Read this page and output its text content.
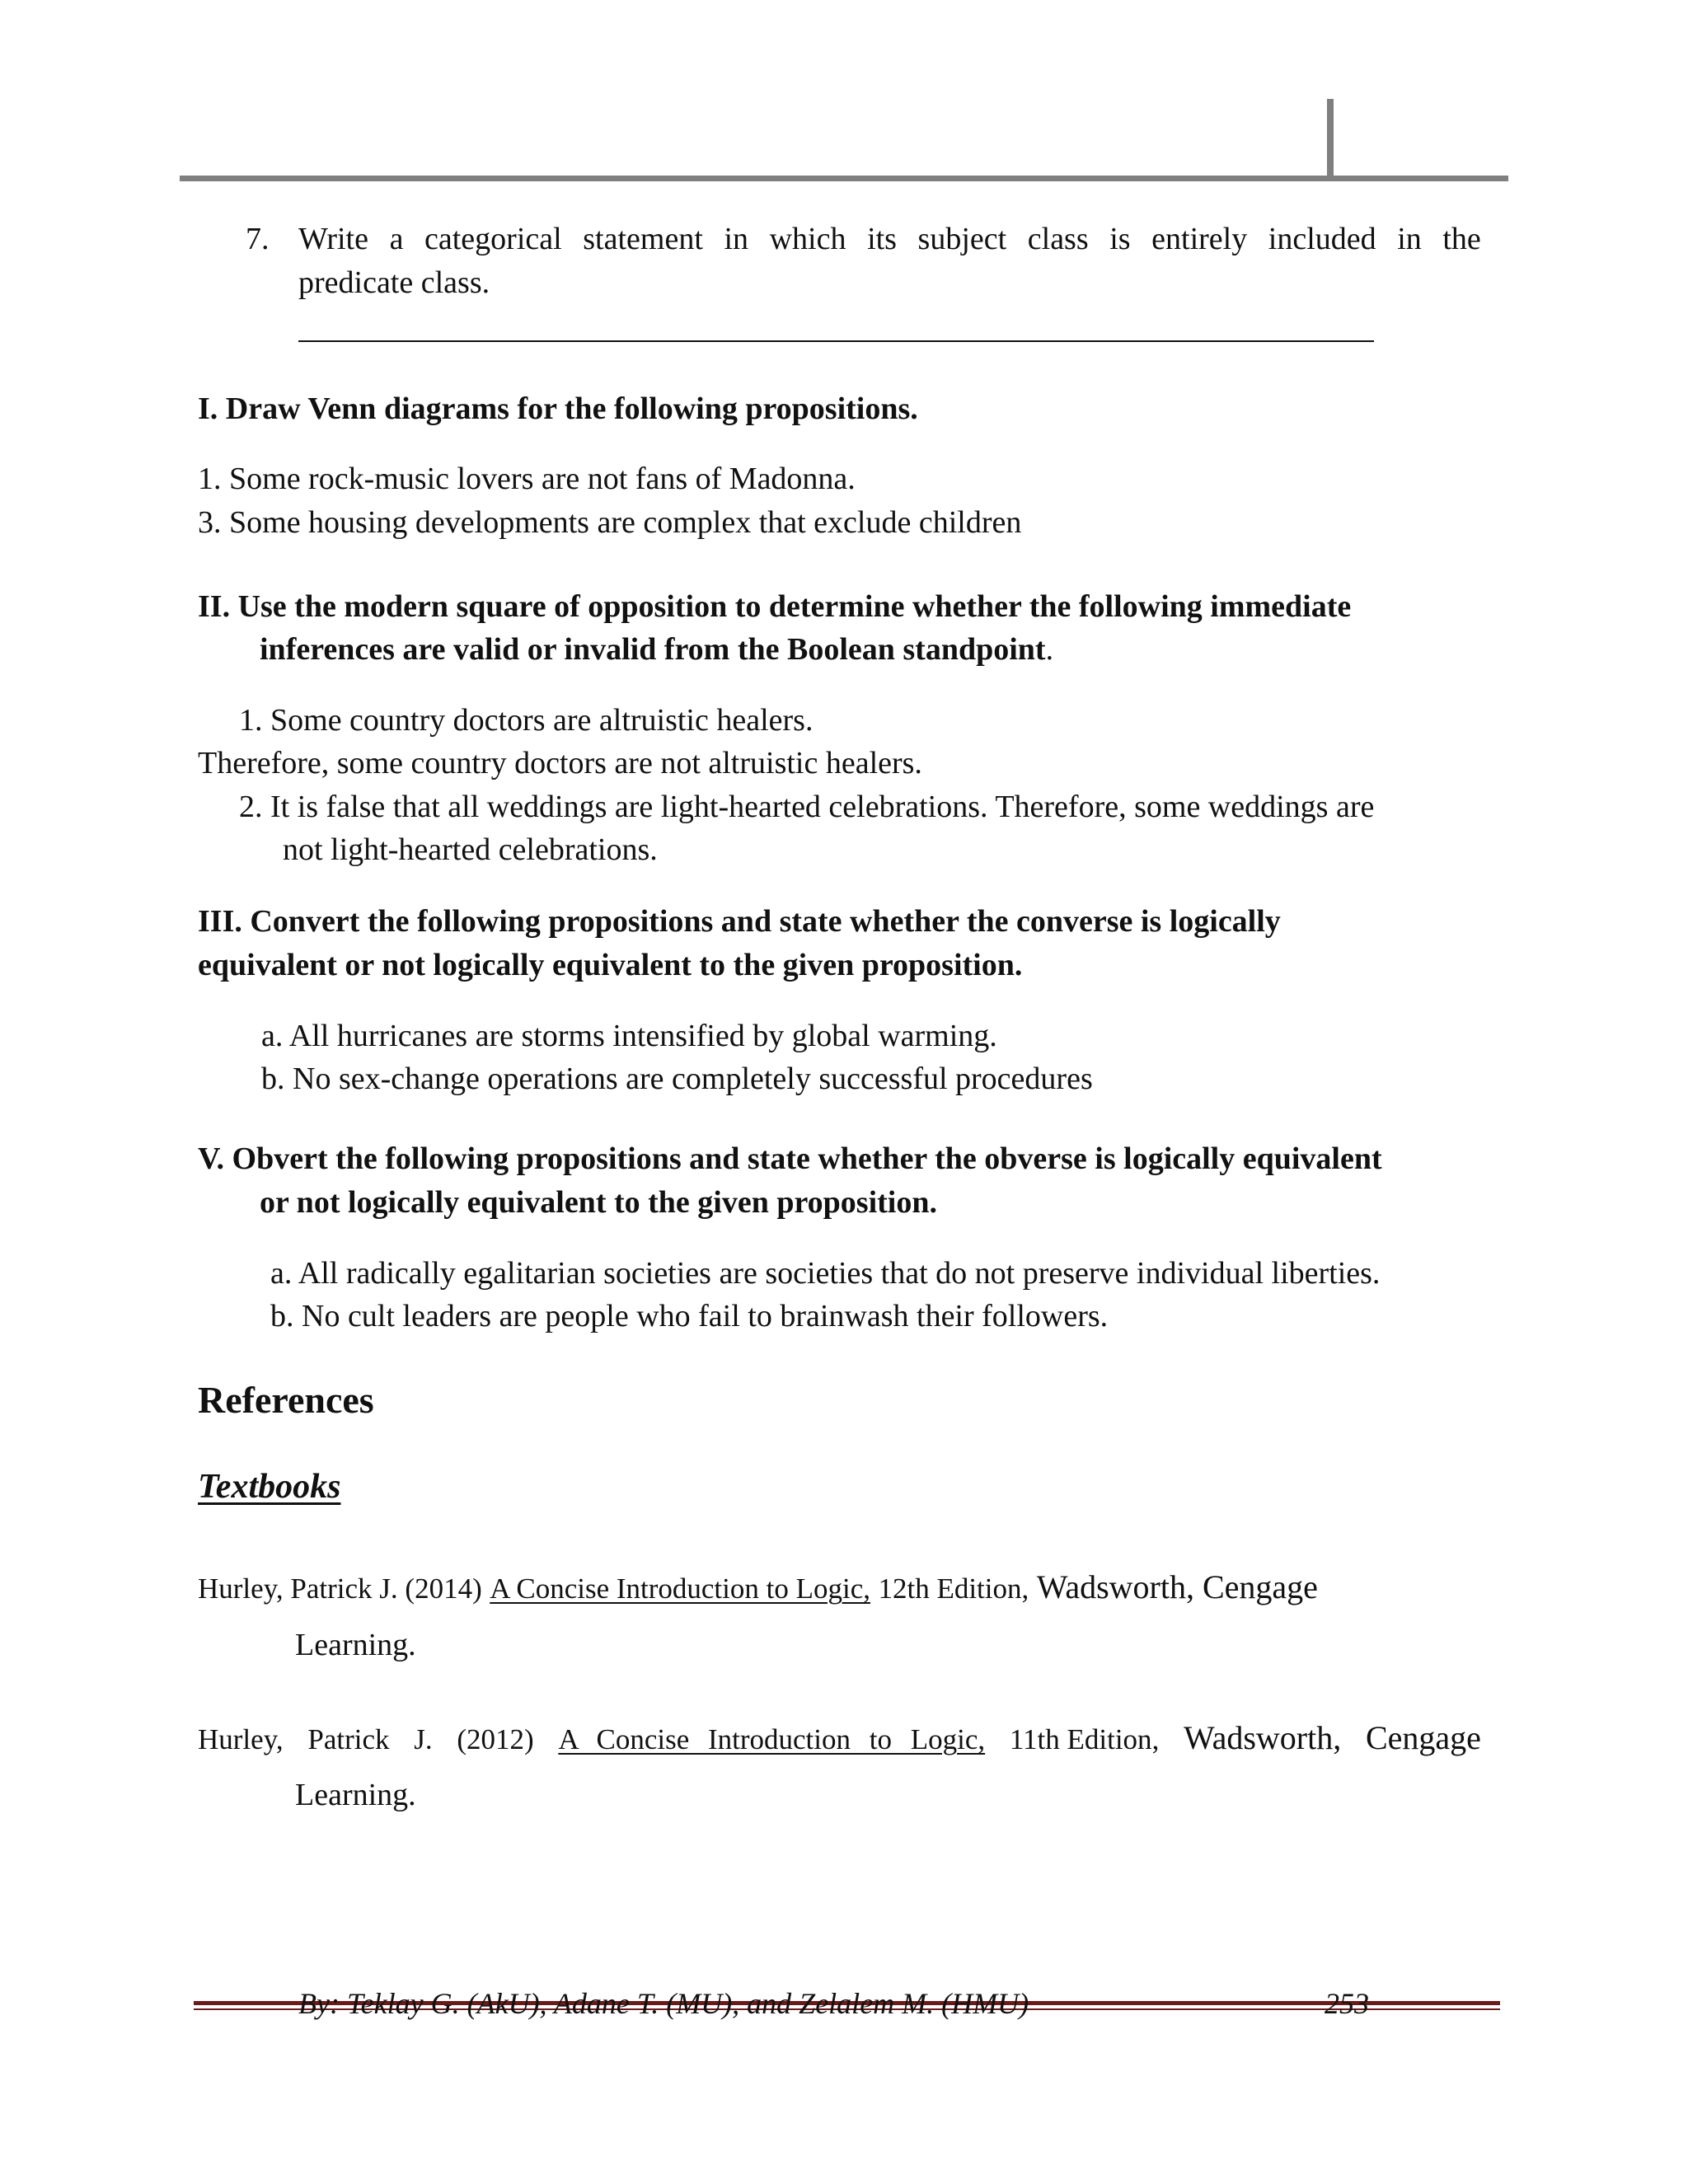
7. Write a categorical statement in which its subject class is entirely included in the
predicate class.
I. Draw Venn diagrams for the following propositions.
1. Some rock-music lovers are not fans of Madonna.
3. Some housing developments are complex that exclude children
II. Use the modern square of opposition to determine whether the following immediate
inferences are valid or invalid from the Boolean standpoint.
1. Some country doctors are altruistic healers.
Therefore, some country doctors are not altruistic healers.
2. It is false that all weddings are light-hearted celebrations. Therefore, some weddings are
not light-hearted celebrations.
III. Convert the following propositions and state whether the converse is logically
equivalent or not logically equivalent to the given proposition.
a. All hurricanes are storms intensified by global warming.
b. No sex-change operations are completely successful procedures
V. Obvert the following propositions and state whether the obverse is logically equivalent
or not logically equivalent to the given proposition.
a. All radically egalitarian societies are societies that do not preserve individual liberties.
b. No cult leaders are people who fail to brainwash their followers.
References
Textbooks
Hurley, Patrick J. (2014) A Concise Introduction to Logic, 12th Edition, Wadsworth, Cengage
Learning.
Hurley, Patrick J. (2012) A Concise Introduction to Logic, 11th Edition, Wadsworth, Cengage
Learning.
By: Teklay G. (AkU), Adane T. (MU), and Zelalem M. (HMU)	253
